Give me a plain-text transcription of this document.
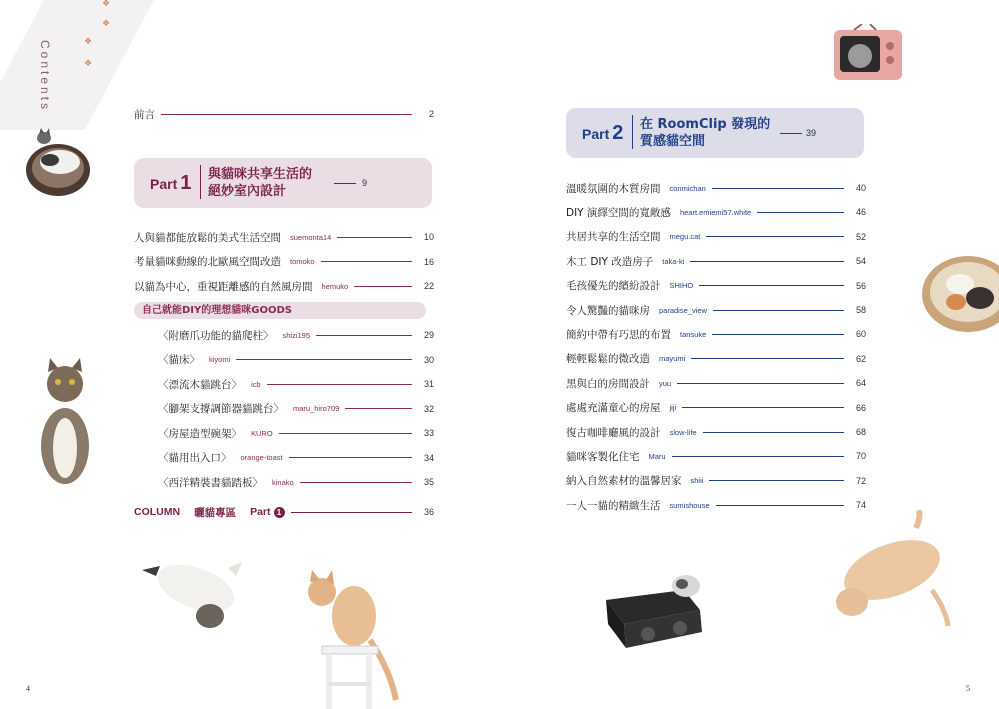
Contents
❖
❖
❖
❖
前言	2
Part 1 與貓咪共享生活的
絕妙室內設計
9
人與貓都能放鬆的美式生活空間 suemonta14	10
考量貓咪動線的北歐風空間改造 tomoko	16
以貓為中心，重視距離感的自然風房間 hemuko	22
自己就能DIY的理想貓咪GOODS
〈附磨爪功能的貓爬柱〉 shizi195	29
〈貓床〉 kiyomi	30
〈漂流木貓跳台〉 icb	31
〈腳架支撐調節器貓跳台〉 maru_hiro709	32
〈房屋造型碗架〉 KURO	33
〈貓用出入口〉 orange-toast	34
〈西洋精裝書貓踏板〉 kinako	35
COLUMN 曬貓專區 Part 1	36
4
Part 2 在 RoomClip 發現的
質感貓空間
39
溫暖氛圍的木質房間 conmichan	40
DIY 演繹空間的寬敞感 heart.emiemi57.white	46
共居共享的生活空間 megu.cat	52
木工 DIY 改造房子 taka-ki	54
毛孩優先的繽紛設計 SHIHO	56
令人驚豔的貓咪房 paradise_view	58
簡約中帶有巧思的布置 tansuke	60
輕輕鬆鬆的微改造 mayumi	62
黑與白的房間設計 yuu	64
處處充滿童心的房屋 jiji	66
復古咖啡廳風的設計 slow-life	68
貓咪客製化住宅 Maru	70
納入自然素材的溫馨居家 shiii	72
一人一貓的精緻生活 sumishouse	74
5
